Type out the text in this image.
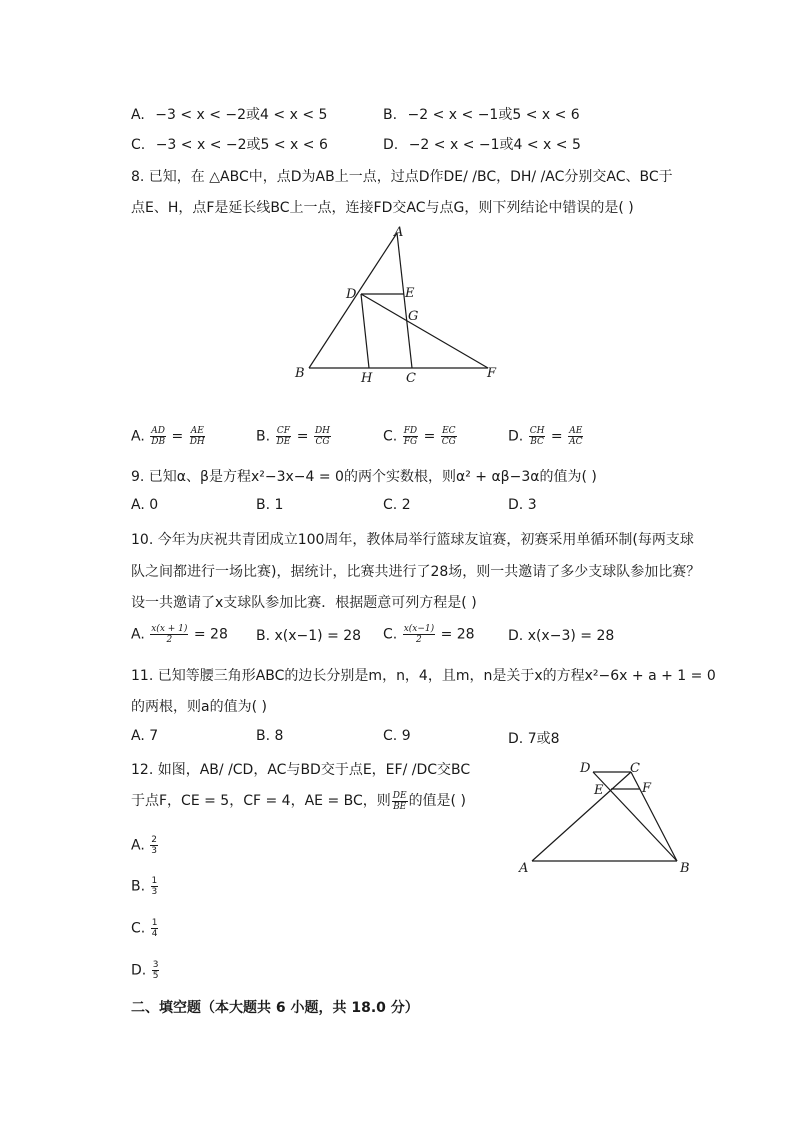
A. −3 < x < −2或4 < x < 5	B. −2 < x < −1或5 < x < 6
C. −3 < x < −2或5 < x < 6	D. −2 < x < −1或4 < x < 5
8. 已知，在 △ABC中，点D为AB上一点，过点D作DE/ /BC，DH/ /AC分别交AC、BC于
点E、H，点F是延长线BC上一点，连接FD交AC与点G，则下列结论中错误的是( )
A
D	E
G
B	H	C	F
A. $\frac{AD}{DB} = \frac{AE}{DH}$	B. $\frac{CF}{DE} = \frac{DH}{CG}$	C. $\frac{FD}{FG} = \frac{EC}{CG}$	D. $\frac{CH}{BC} = \frac{AE}{AC}$
9. 已知α、β是方程x²−3x−4 = 0的两个实数根，则α² + αβ−3α的值为( )
A. 0	B. 1	C. 2	D. 3
10. 今年为庆祝共青团成立100周年，教体局举行篮球友谊赛，初赛采用单循环制(每两支球
队之间都进行一场比赛)，据统计，比赛共进行了28场，则一共邀请了多少支球队参加比赛？
设一共邀请了x支球队参加比赛．根据题意可列方程是( )
A. $\frac{x(x + 1)}{2} = 28$ B. x(x−1) = 28 C. $\frac{x(x-1)}{2} = 28$ D. x(x−3) = 28
11. 已知等腰三角形ABC的边长分别是m，n，4，且m，n是关于x的方程x²−6x + a + 1 = 0
的两根，则a的值为( )
A. 7	B. 8	C. 9	D. 7或8
12. 如图，AB/ /CD，AC与BD交于点E，EF/ /DC交BC
于点F，CE = 5，CF = 4，AE = BC，则 $\frac{DE}{BE}$ 的值是( )
D	C
E	F
A	B
A. $\frac{2}{3}$
B. $\frac{1}{3}$
C. $\frac{1}{4}$
D. $\frac{3}{5}$
二、填空题（本大题共 6 小题，共 18.0 分）
